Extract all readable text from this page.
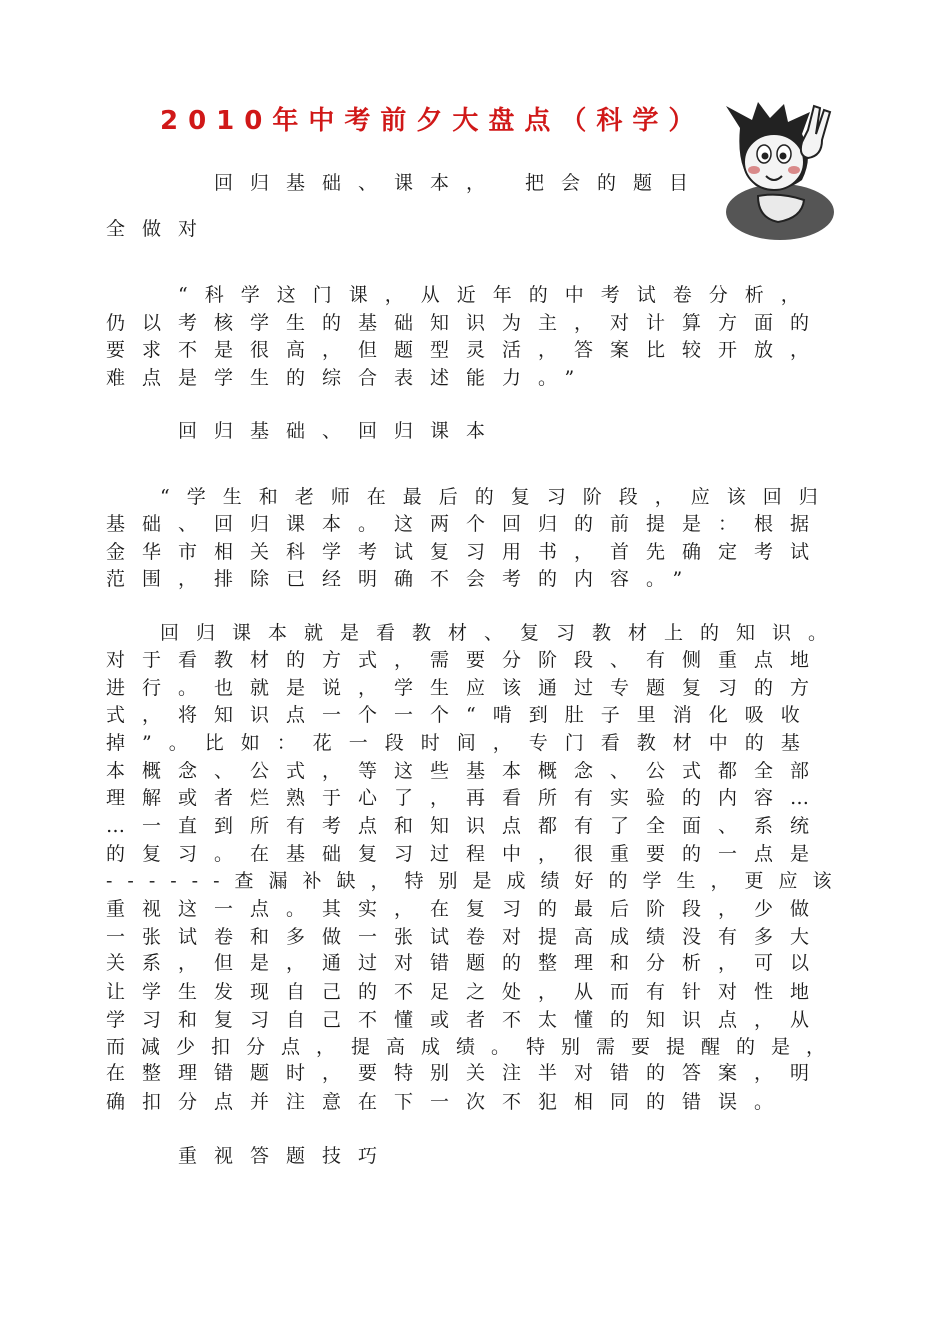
2010年中考前夕大盘点（科学）
回归基础、课本， 把会的题目
全做对
“科学这门课，从近年的中考试卷分析，
仍以考核学生的基础知识为主，对计算方面的
要求不是很高，但题型灵活，答案比较开放，
难点是学生的综合表述能力。”
回归基础、回归课本
“学生和老师在最后的复习阶段，应该回归
基础、回归课本。这两个回归的前提是：根据
金华市相关科学考试复习用书，首先确定考试
范围，排除已经明确不会考的内容。”
回归课本就是看教材、复习教材上的知识。
对于看教材的方式，需要分阶段、有侧重点地
进行。也就是说，学生应该通过专题复习的方
式，将知识点一个一个“啃到肚子里消化吸收
掉”。比如：花一段时间，专门看教材中的基
本概念、公式，等这些基本概念、公式都全部
理解或者烂熟于心了，再看所有实验的内容…
…一直到所有考点和知识点都有了全面、系统
的复习。在基础复习过程中，很重要的一点是
------查漏补缺，特别是成绩好的学生，更应该
重视这一点。其实，在复习的最后阶段，少做
一张试卷和多做一张试卷对提高成绩没有多大
关系，但是，通过对错题的整理和分析，可以
让学生发现自己的不足之处，从而有针对性地
学习和复习自己不懂或者不太懂的知识点，从
而减少扣分点，提高成绩。特别需要提醒的是，
在整理错题时，要特别关注半对错的答案，明
确扣分点并注意在下一次不犯相同的错误。
重视答题技巧
